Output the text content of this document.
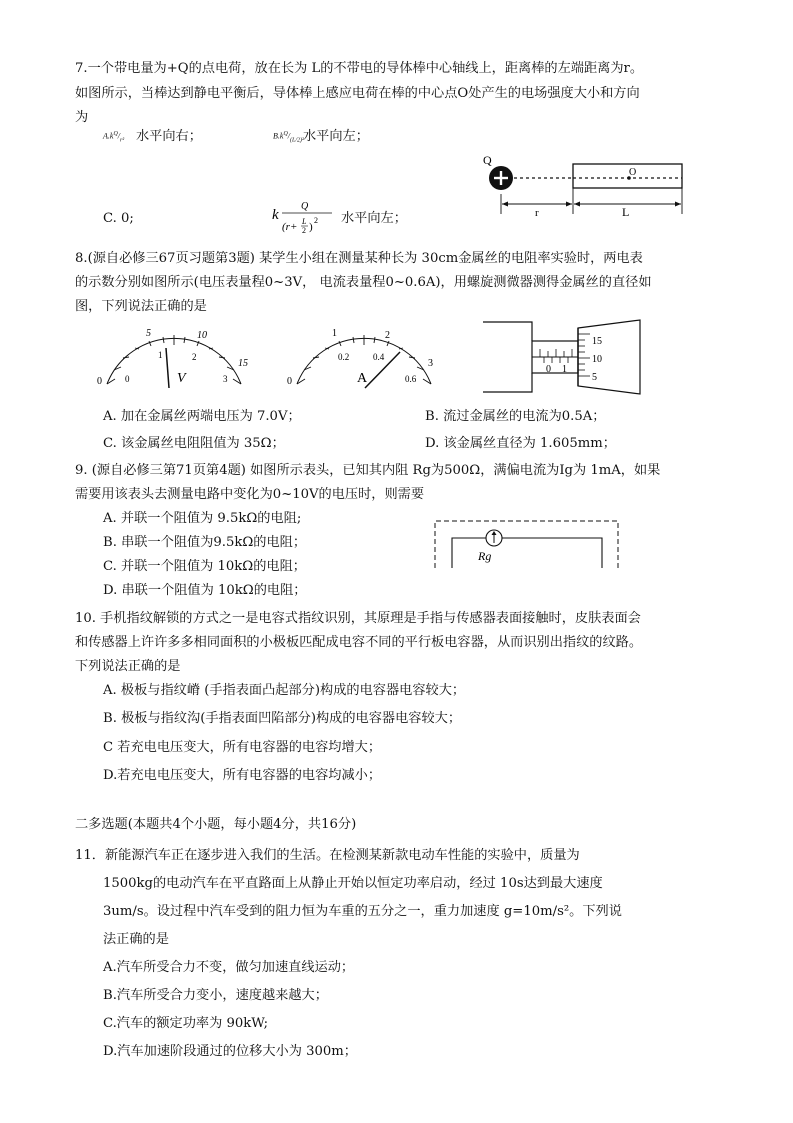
7.一个带电量为+Q的点电荷，放在长为 L的不带电的导体棒中心轴线上，距离棒的左端距离为r。
如图所示，当棒达到静电平衡后，导体棒上感应电荷在棒的中心点O处产生的电场强度大小和方向
为
$A.k^Q/_{r^2}$ 水平向右；	$B.k^Q/_{(L/2)^2}$ 水平向左；
C. 0;	k
Q
(r+ L
2 )
2 水平向左；
Q
O
r	L
8.(源自必修三67页习题第3题) 某学生小组在测量某种长为 30cm金属丝的电阻率实验时，两电表
的示数分别如图所示(电压表量程0~3V， 电流表量程0~0.6A)，用螺旋测微器测得金属丝的直径如
图，下列说法正确的是
0
5	10
15
0
1	2
3
V	0
1	2
3
0.2	0.4
0.6
A
0 1
15
10
5
A. 加在金属丝两端电压为 7.0V；	B. 流过金属丝的电流为0.5A；
C. 该金属丝电阻阻值为 35Ω；	D. 该金属丝直径为 1.605mm；
9. (源自必修三第71页第4题) 如图所示表头，已知其内阻 Rg为500Ω，满偏电流为Ig为 1mA，如果
需要用该表头去测量电路中变化为0~10V的电压时，则需要
A. 并联一个阻值为 9.5kΩ的电阻;
B. 串联一个阻值为9.5kΩ的电阻；
C. 并联一个阻值为 10kΩ的电阻；
D. 串联一个阻值为 10kΩ的电阻；
Rg
10. 手机指纹解锁的方式之一是电容式指纹识别，其原理是手指与传感器表面接触时，皮肤表面会
和传感器上许许多多相同面积的小极板匹配成电容不同的平行板电容器，从而识别出指纹的纹路。
下列说法正确的是
A. 极板与指纹嵴 (手指表面凸起部分)构成的电容器电容较大；
B. 极板与指纹沟(手指表面凹陷部分)构成的电容器电容较大；
C 若充电电压变大，所有电容器的电容均增大；
D.若充电电压变大，所有电容器的电容均减小；
二多选题(本题共4个小题，每小题4分，共16分)
11．新能源汽车正在逐步进入我们的生活。在检测某新款电动车性能的实验中，质量为
1500kg的电动汽车在平直路面上从静止开始以恒定功率启动，经过 10s达到最大速度
3um/s。设过程中汽车受到的阻力恒为车重的五分之一，重力加速度 g=10m/s²。下列说
法正确的是
A.汽车所受合力不变，做匀加速直线运动；
B.汽车所受合力变小，速度越来越大；
C.汽车的额定功率为 90kW;
D.汽车加速阶段通过的位移大小为 300m；
